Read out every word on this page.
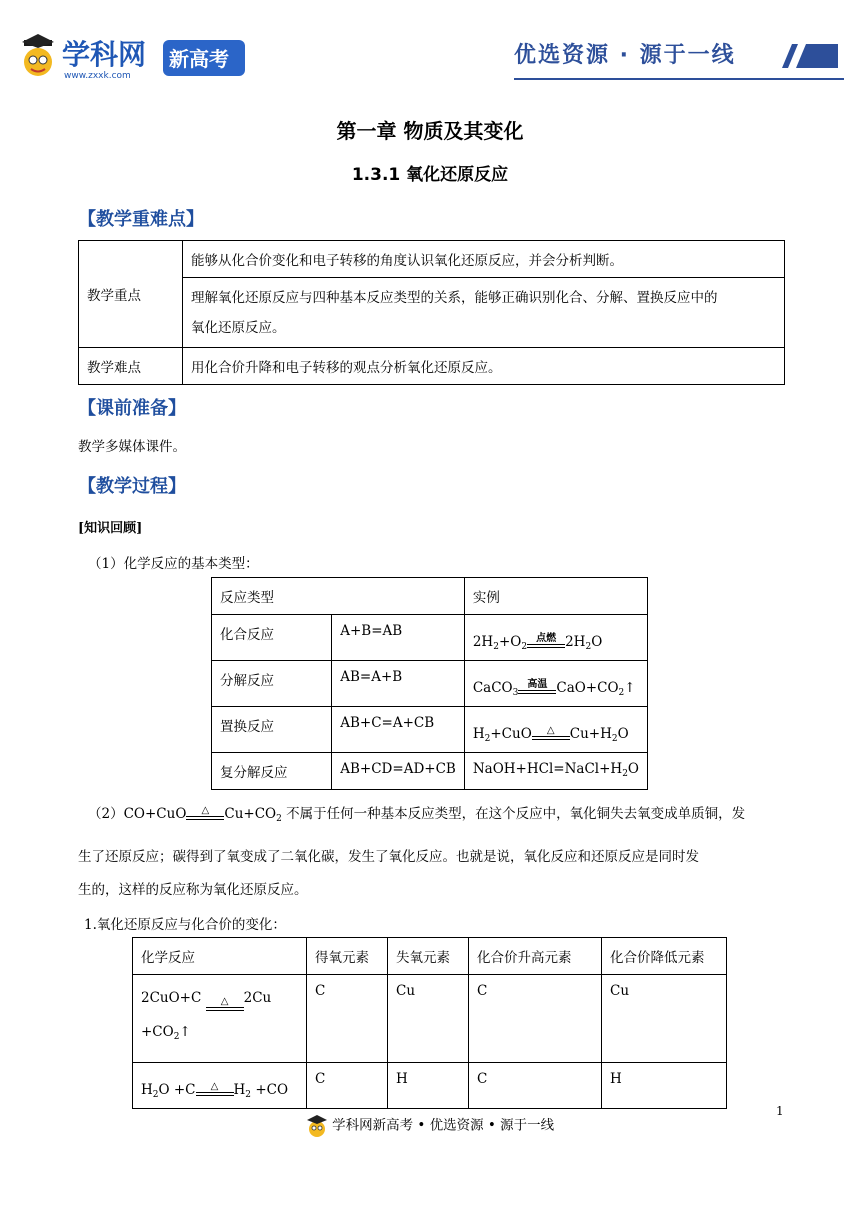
学科网
www.zxxk.com
新高考	优选资源 · 源于一线
第一章 物质及其变化
1.3.1 氧化还原反应
【教学重难点】
教学重点	能够从化合价变化和电子转移的角度认识氧化还原反应，并会分析判断。
	理解氧化还原反应与四种基本反应类型的关系，能够正确识别化合、分解、置换反应中的
氧化还原反应。
教学难点	用化合价升降和电子转移的观点分析氧化还原反应。
【课前准备】
教学多媒体课件。
【教学过程】
[知识回顾]
（1）化学反应的基本类型：
反应类型		实例
化合反应	A+B=AB	$2H_2+O_2$
点燃 $2H_2O$
分解反应	AB=A+B	CaCO$_3$
高温 $CaO+CO_2↑$
置换反应	AB+C=A+CB	$H_2+CuO$ △ $Cu+H_2O$
复分解反应	AB+CD=AD+CB	$NaOH+HCl=NaCl+H_2O$
（2）CO+CuO	△	$Cu+CO_2$ 不属于任何一种基本反应类型，在这个反应中，氧化铜失去氧变成单质铜，发
生了还原反应；碳得到了氧变成了二氧化碳，发生了氧化反应。也就是说，氧化反应和还原反应是同时发
生的，这样的反应称为氧化还原反应。
1.氧化还原反应与化合价的变化：
化学反应	得氧元素	失氧元素	化合价升高元素	化合价降低元素
2CuO+C △ 2Cu
$+CO_2↑$	C	Cu	C	Cu
$H_2O +C$ △ $H_2 +CO$	C	H	C	H
1
学科网新高考 • 优选资源 • 源于一线
